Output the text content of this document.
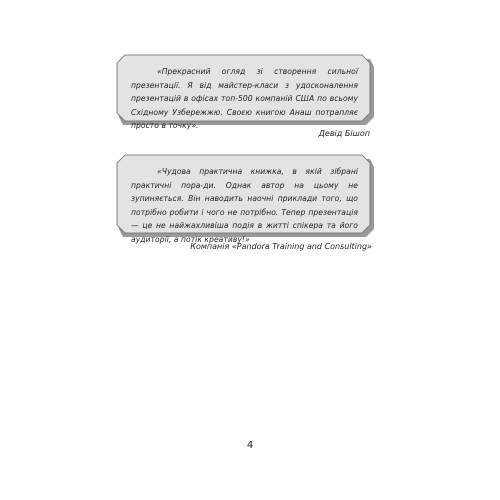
«Прекрасний огляд зі створення сильної презентації. Я від майстер-класи з удосконалення презентацій в офісах топ-500 компаній США по всьому Східному Узбережжю. Своєю книгою Анаш потрапляє просто в точку».

Девід Бішоп

«Чудова практична книжка, в якій зібрані практичні пора-ди. Однак автор на цьому не зупиняється. Він наводить наочні приклади того, що потрібно робити і чого не потрібно. Тепер презентація — це не найжахливіша подія в житті спікера та його аудиторії, а потік креативу!»

Компанія «Pandora Training and Consulting»
4
